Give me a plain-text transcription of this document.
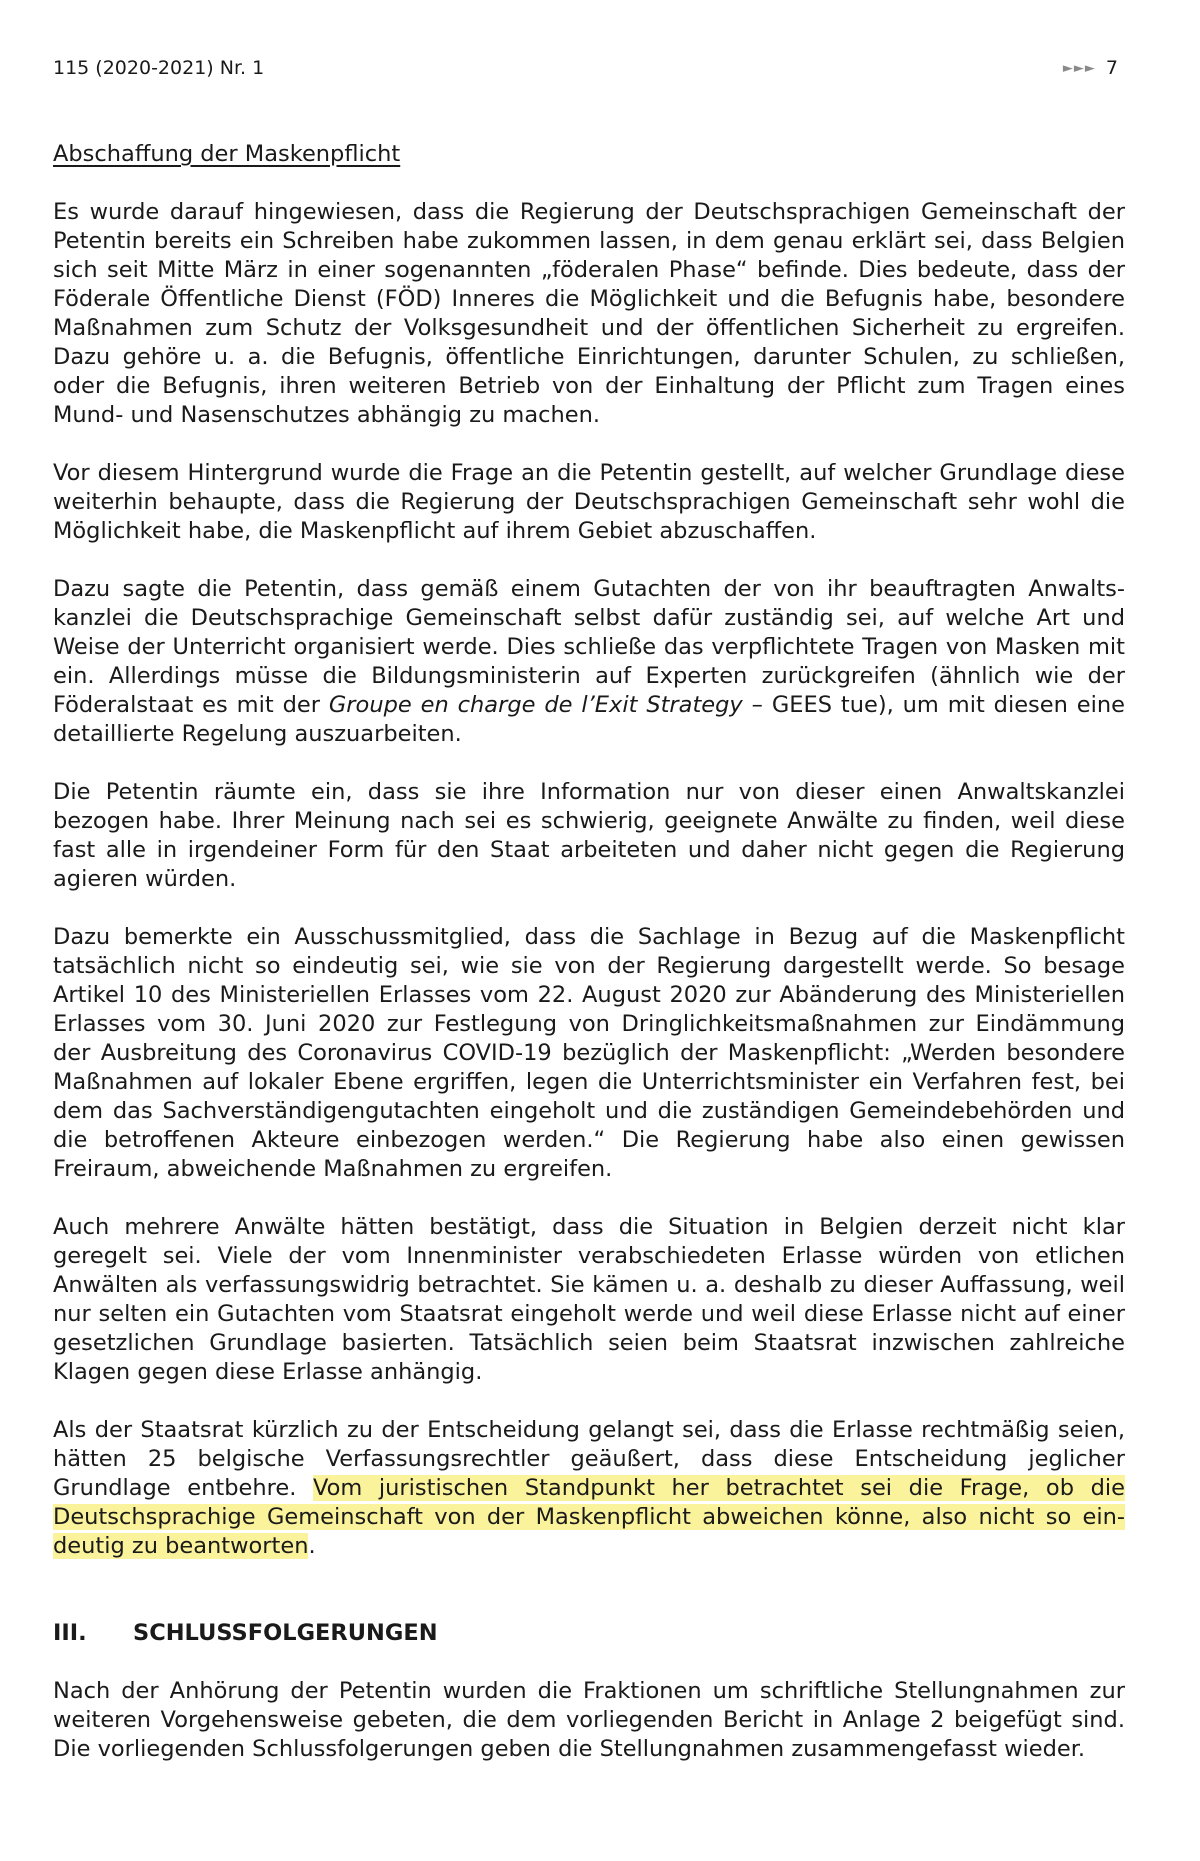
115 (2020-2021) Nr. 1	►►► 7

Abschaffung der Maskenpflicht

Es wurde darauf hingewiesen, dass die Regierung der Deutschsprachigen Gemeinschaft der Petentin bereits ein Schreiben habe zukommen lassen, in dem genau erklärt sei, dass Belgien sich seit Mitte März in einer sogenannten „föderalen Phase“ befinde. Dies bedeute, dass der Föderale Öffentliche Dienst (FÖD) Inneres die Möglichkeit und die Befugnis habe, besondere Maßnahmen zum Schutz der Volksgesundheit und der öffentlichen Sicherheit zu ergreifen. Dazu gehöre u. a. die Befugnis, öffentliche Einrichtungen, darunter Schulen, zu schließen, oder die Befugnis, ihren weiteren Betrieb von der Einhaltung der Pflicht zum Tragen eines Mund- und Nasenschutzes abhängig zu machen.

Vor diesem Hintergrund wurde die Frage an die Petentin gestellt, auf welcher Grundlage diese weiterhin behaupte, dass die Regierung der Deutschsprachigen Gemeinschaft sehr wohl die Möglichkeit habe, die Maskenpflicht auf ihrem Gebiet abzuschaffen.

Dazu sagte die Petentin, dass gemäß einem Gutachten der von ihr beauftragten Anwaltskanzlei die Deutschsprachige Gemeinschaft selbst dafür zuständig sei, auf welche Art und Weise der Unterricht organisiert werde. Dies schließe das verpflichtete Tragen von Masken mit ein. Allerdings müsse die Bildungsministerin auf Experten zurückgreifen (ähnlich wie der Föderalstaat es mit der Groupe en charge de l’Exit Strategy – GEES tue), um mit diesen eine detaillierte Regelung auszuarbeiten.

Die Petentin räumte ein, dass sie ihre Information nur von dieser einen Anwaltskanzlei bezogen habe. Ihrer Meinung nach sei es schwierig, geeignete Anwälte zu finden, weil diese fast alle in irgendeiner Form für den Staat arbeiteten und daher nicht gegen die Regierung agieren würden.

Dazu bemerkte ein Ausschussmitglied, dass die Sachlage in Bezug auf die Maskenpflicht tatsächlich nicht so eindeutig sei, wie sie von der Regierung dargestellt werde. So besage Artikel 10 des Ministeriellen Erlasses vom 22. August 2020 zur Abänderung des Ministeriellen Erlasses vom 30. Juni 2020 zur Festlegung von Dringlichkeitsmaßnahmen zur Eindämmung der Ausbreitung des Coronavirus COVID-19 bezüglich der Maskenpflicht: „Werden besondere Maßnahmen auf lokaler Ebene ergriffen, legen die Unterrichtsminister ein Verfahren fest, bei dem das Sachverständigengutachten eingeholt und die zuständigen Gemeindebehörden und die betroffenen Akteure einbezogen werden.“ Die Regierung habe also einen gewissen Freiraum, abweichende Maßnahmen zu ergreifen.

Auch mehrere Anwälte hätten bestätigt, dass die Situation in Belgien derzeit nicht klar geregelt sei. Viele der vom Innenminister verabschiedeten Erlasse würden von etlichen Anwälten als verfassungswidrig betrachtet. Sie kämen u. a. deshalb zu dieser Auffassung, weil nur selten ein Gutachten vom Staatsrat eingeholt werde und weil diese Erlasse nicht auf einer gesetzlichen Grundlage basierten. Tatsächlich seien beim Staatsrat inzwischen zahlreiche Klagen gegen diese Erlasse anhängig.

Als der Staatsrat kürzlich zu der Entscheidung gelangt sei, dass die Erlasse rechtmäßig seien, hätten 25 belgische Verfassungsrechtler geäußert, dass diese Entscheidung jeglicher Grundlage entbehre. Vom juristischen Standpunkt her betrachtet sei die Frage, ob die Deutschsprachige Gemeinschaft von der Maskenpflicht abweichen könne, also nicht so eindeutig zu beantworten.

III. SCHLUSSFOLGERUNGEN

Nach der Anhörung der Petentin wurden die Fraktionen um schriftliche Stellungnahmen zur weiteren Vorgehensweise gebeten, die dem vorliegenden Bericht in Anlage 2 beigefügt sind. Die vorliegenden Schlussfolgerungen geben die Stellungnahmen zusammengefasst wieder.
